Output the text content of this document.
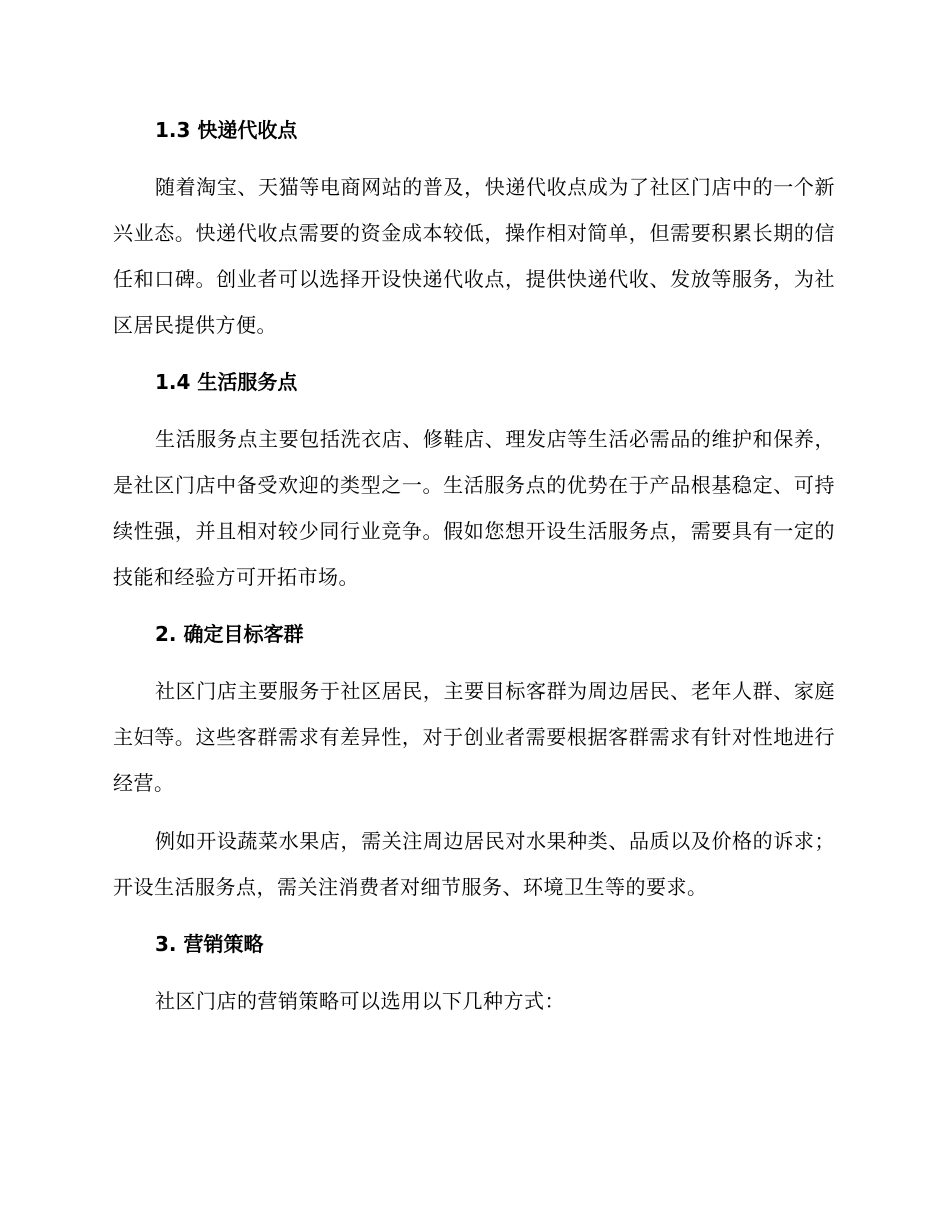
1.3 快递代收点

随着淘宝、天猫等电商网站的普及，快递代收点成为了社区门店中的一个新兴业态。快递代收点需要的资金成本较低，操作相对简单，但需要积累长期的信任和口碑。创业者可以选择开设快递代收点，提供快递代收、发放等服务，为社区居民提供方便。

1.4 生活服务点

生活服务点主要包括洗衣店、修鞋店、理发店等生活必需品的维护和保养，是社区门店中备受欢迎的类型之一。生活服务点的优势在于产品根基稳定、可持续性强，并且相对较少同行业竞争。假如您想开设生活服务点，需要具有一定的技能和经验方可开拓市场。

2. 确定目标客群

社区门店主要服务于社区居民，主要目标客群为周边居民、老年人群、家庭主妇等。这些客群需求有差异性，对于创业者需要根据客群需求有针对性地进行经营。

例如开设蔬菜水果店，需关注周边居民对水果种类、品质以及价格的诉求；开设生活服务点，需关注消费者对细节服务、环境卫生等的要求。

3. 营销策略

社区门店的营销策略可以选用以下几种方式：
